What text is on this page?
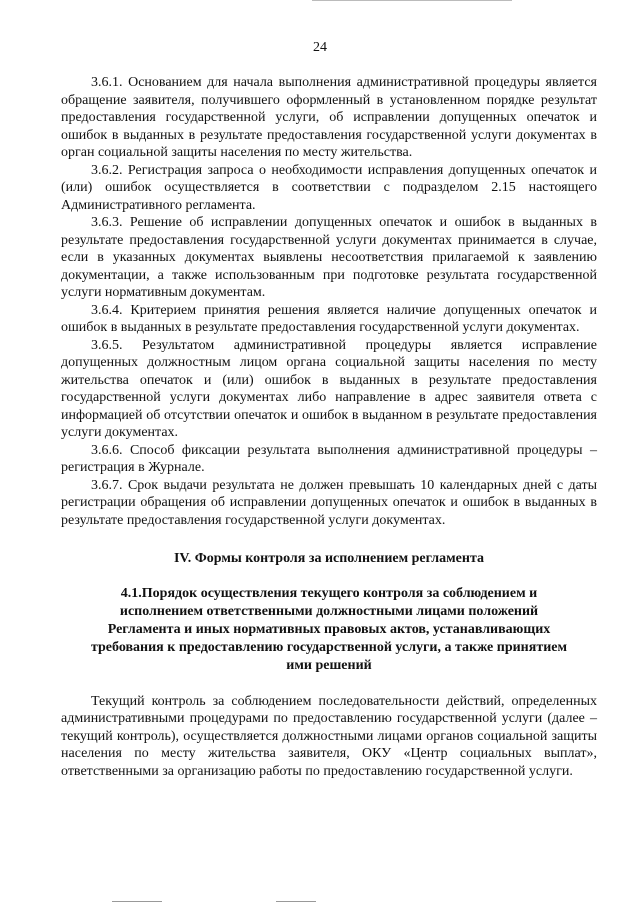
24

3.6.1. Основанием для начала выполнения административной процедуры является обращение заявителя, получившего оформленный в установленном порядке результат предоставления государственной услуги, об исправлении допущенных опечаток и ошибок в выданных в результате предоставления государственной услуги документах в орган социальной защиты населения по месту жительства.

3.6.2. Регистрация запроса о необходимости исправления допущенных опечаток и (или) ошибок осуществляется в соответствии с подразделом 2.15 настоящего Административного регламента.

3.6.3. Решение об исправлении допущенных опечаток и ошибок в выданных в результате предоставления государственной услуги документах принимается в случае, если в указанных документах выявлены несоответствия прилагаемой к заявлению документации, а также использованным при подготовке результата государственной услуги нормативным документам.

3.6.4. Критерием принятия решения является наличие допущенных опечаток и ошибок в выданных в результате предоставления государственной услуги документах.

3.6.5. Результатом административной процедуры является исправление допущенных должностным лицом органа социальной защиты населения по месту жительства опечаток и (или) ошибок в выданных в результате предоставления государственной услуги документах либо направление в адрес заявителя ответа с информацией об отсутствии опечаток и ошибок в выданном в результате предоставления услуги документах.

3.6.6. Способ фиксации результата выполнения административной процедуры – регистрация в Журнале.

3.6.7. Срок выдачи результата не должен превышать 10 календарных дней с даты регистрации обращения об исправлении допущенных опечаток и ошибок в выданных в результате предоставления государственной услуги документах.

IV. Формы контроля за исполнением регламента
4.1.Порядок осуществления текущего контроля за соблюдением и
исполнением ответственными должностными лицами положений
Регламента и иных нормативных правовых актов, устанавливающих
требования к предоставлению государственной услуги, а также принятием
ими решений

Текущий контроль за соблюдением последовательности действий, определенных административными процедурами по предоставлению государственной услуги (далее – текущий контроль), осуществляется должностными лицами органов социальной защиты населения по месту жительства заявителя, ОКУ «Центр социальных выплат», ответственными за организацию работы по предоставлению государственной услуги.
